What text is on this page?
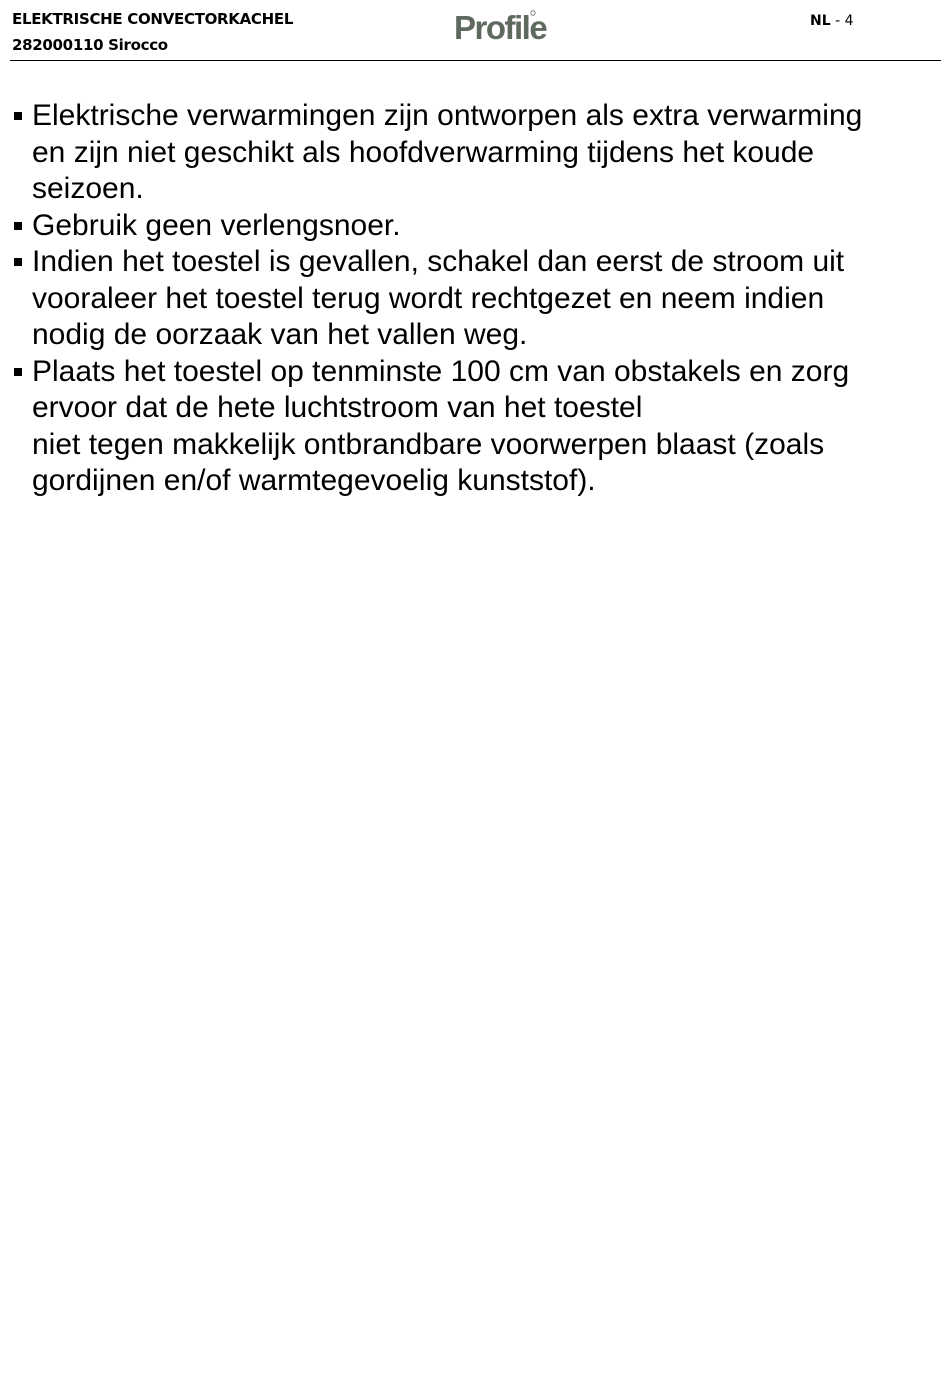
ELEKTRISCHE CONVECTORKACHEL
282000110 Sirocco	Profile	NL - 4
Elektrische verwarmingen zijn ontworpen als extra verwarming
en zijn niet geschikt als hoofdverwarming tijdens het koude
seizoen.
Gebruik geen verlengsnoer.
Indien het toestel is gevallen, schakel dan eerst de stroom uit
vooraleer het toestel terug wordt rechtgezet en neem indien
nodig de oorzaak van het vallen weg.
Plaats het toestel op tenminste 100 cm van obstakels en zorg
ervoor dat de hete luchtstroom van het toestel
niet tegen makkelijk ontbrandbare voorwerpen blaast (zoals
gordijnen en/of warmtegevoelig kunststof).
